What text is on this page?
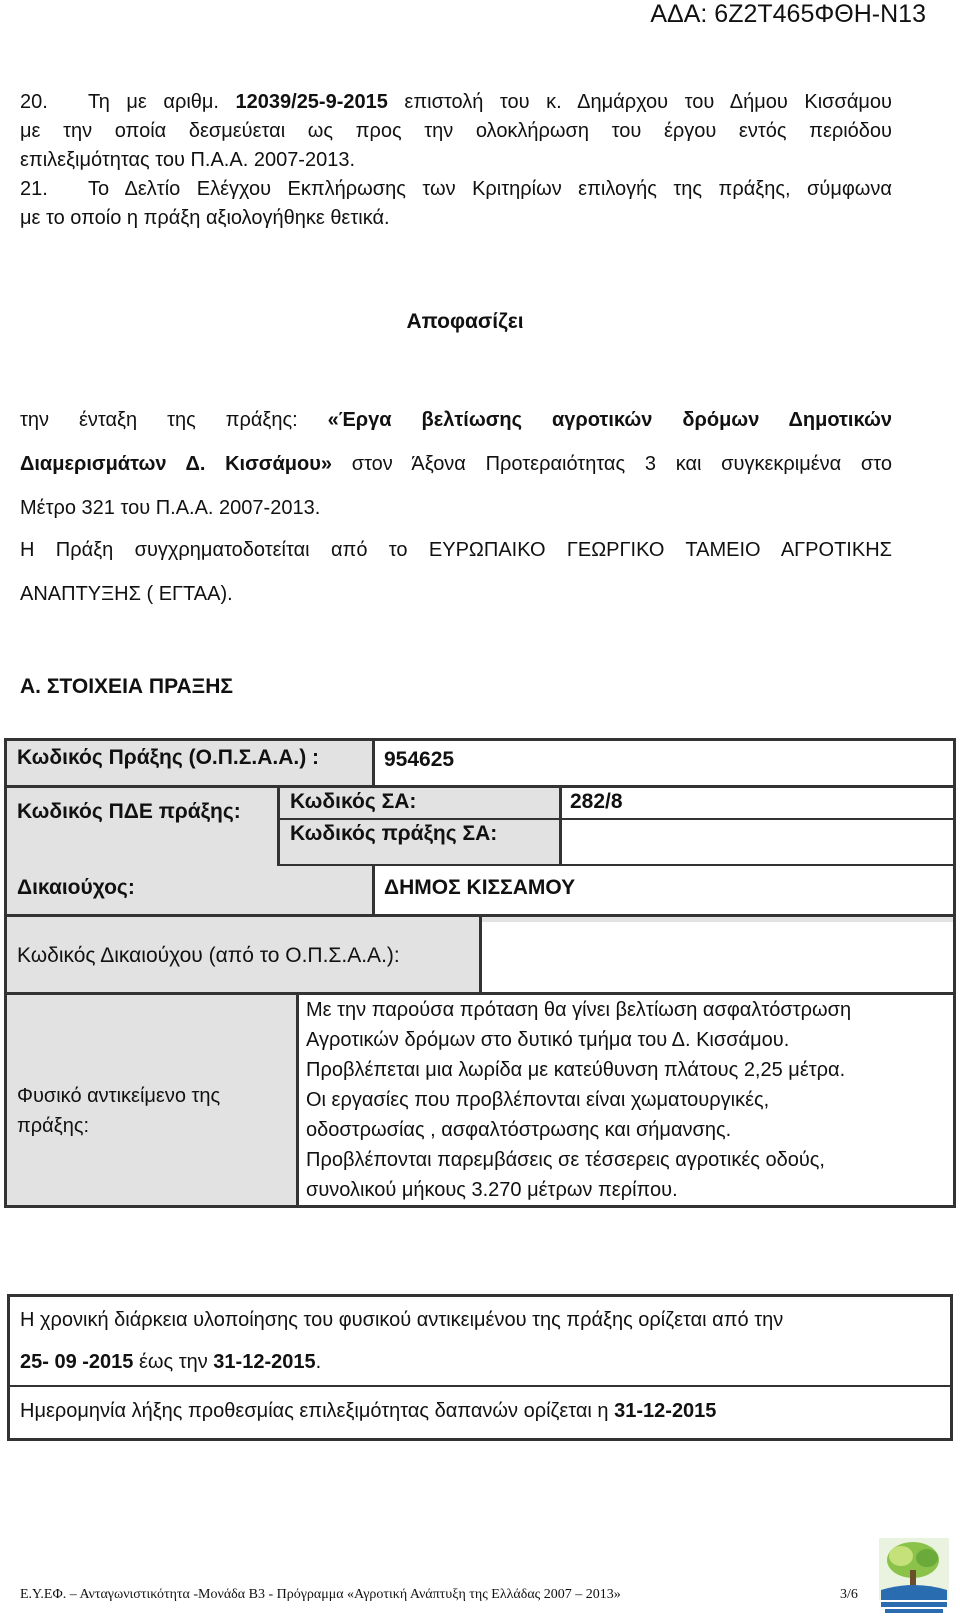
ΑΔΑ: 6Ζ2Τ465ΦΘΗ-Ν13
20. Τη με αριθμ. 12039/25-9-2015 επιστολή του κ. Δημάρχου του Δήμου Κισσάμου
με την οποία δεσμεύεται ως προς την ολοκλήρωση του έργου εντός περιόδου
επιλεξιμότητας του Π.Α.Α. 2007-2013.
21. Το Δελτίο Ελέγχου Εκπλήρωσης των Κριτηρίων επιλογής της πράξης, σύμφωνα
με το οποίο η πράξη αξιολογήθηκε θετικά.
Αποφασίζει
την ένταξη της πράξης: «Έργα βελτίωσης αγροτικών δρόμων Δημοτικών
Διαμερισμάτων Δ. Κισσάμου» στον Άξονα Προτεραιότητας 3 και συγκεκριμένα στο
Μέτρο 321 του Π.Α.Α. 2007-2013.
Η Πράξη συγχρηματοδοτείται από το ΕΥΡΩΠΑΙΚΟ ΓΕΩΡΓΙΚΟ ΤΑΜΕΙΟ ΑΓΡΟΤΙΚΗΣ
ΑΝΑΠΤΥΞΗΣ ( ΕΓΤΑΑ).
Α. ΣΤΟΙΧΕΙΑ ΠΡΑΞΗΣ
Κωδικός Πράξης (Ο.Π.Σ.Α.Α.) :	954625
Κωδικός ΠΔΕ πράξης:	Κωδικός ΣΑ:	282/8
Κωδικός πράξης ΣΑ:
Δικαιούχος:	ΔΗΜΟΣ ΚΙΣΣΑΜΟΥ
Κωδικός Δικαιούχου (από το Ο.Π.Σ.Α.Α.):
Φυσικό αντικείμενο της
πράξης:
Με την παρούσα πρόταση θα γίνει βελτίωση ασφαλτόστρωση
Αγροτικών δρόμων στο δυτικό τμήμα του Δ. Κισσάμου.
Προβλέπεται μια λωρίδα με κατεύθυνση πλάτους 2,25 μέτρα.
Οι εργασίες που προβλέπονται είναι χωματουργικές,
οδοστρωσίας , ασφαλτόστρωσης και σήμανσης.
Προβλέπονται παρεμβάσεις σε τέσσερεις αγροτικές οδούς,
συνολικού μήκους 3.270 μέτρων περίπου.
Η χρονική διάρκεια υλοποίησης του φυσικού αντικειμένου της πράξης ορίζεται από την
25- 09 -2015 έως την 31-12-2015.
Ημερομηνία λήξης προθεσμίας επιλεξιμότητας δαπανών ορίζεται η 31-12-2015
Ε.Υ.ΕΦ. – Ανταγωνιστικότητα -Μονάδα Β3 - Πρόγραμμα «Αγροτική Ανάπτυξη της Ελλάδας 2007 – 2013»	3/6
